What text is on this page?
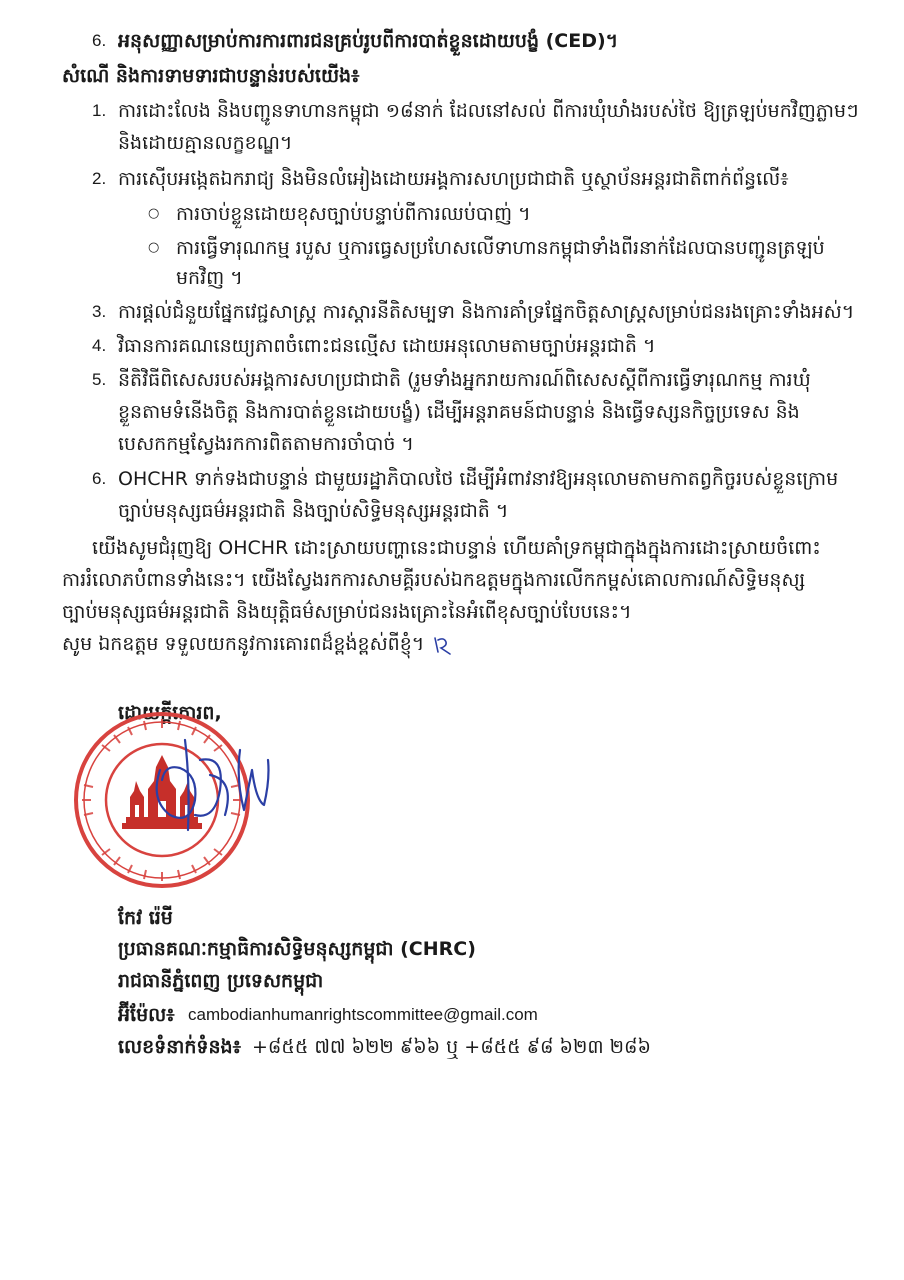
6. អនុសញ្ញាសម្រាប់ការការពារជនគ្រប់រូបពីការបាត់ខ្លួនដោយបង្ខំ (CED)។
សំណើ និងការទាមទារជាបន្ទាន់របស់យើង៖
1. ការដោះលែង និងបញ្ជូនទាហានកម្ពុជា ១៨នាក់ ដែលនៅសល់ ពីការឃុំឃាំងរបស់ថៃ ឱ្យត្រឡប់មកវិញភ្លាមៗ
និងដោយគ្មានលក្ខខណ្ឌ។
2. ការស៊ើបអង្កេតឯករាជ្យ និងមិនលំអៀងដោយអង្គការសហប្រជាជាតិ ឬស្ថាប័នអន្តរជាតិពាក់ព័ន្ធលើ៖
○ ការចាប់ខ្លួនដោយខុសច្បាប់បន្ទាប់ពីការឈប់បាញ់ ។
○ ការធ្វើទារុណកម្ម របួស ឬការធ្វេសប្រហែសលើទាហានកម្ពុជាទាំងពីរនាក់ដែលបានបញ្ជូនត្រឡប់
មកវិញ ។
3. ការផ្តល់ជំនួយផ្នែកវេជ្ជសាស្ត្រ ការស្តារនីតិសម្បទា និងការគាំទ្រផ្នែកចិត្តសាស្ត្រសម្រាប់ជនរងគ្រោះទាំងអស់។
4. វិធានការគណនេយ្យភាពចំពោះជនល្មើស ដោយអនុលោមតាមច្បាប់អន្តរជាតិ ។
5. នីតិវិធីពិសេសរបស់អង្គការសហប្រជាជាតិ (រួមទាំងអ្នករាយការណ៍ពិសេសស្តីពីការធ្វើទារុណកម្ម ការឃុំ
ខ្លួនតាមទំនើងចិត្ត និងការបាត់ខ្លួនដោយបង្ខំ) ដើម្បីអន្តរាគមន៍ជាបន្ទាន់ និងធ្វើទស្សនកិច្ចប្រទេស និង
បេសកកម្មស្វែងរកការពិតតាមការចាំបាច់ ។
6. OHCHR ទាក់ទងជាបន្ទាន់ ជាមួយរដ្ឋាភិបាលថៃ ដើម្បីអំពាវនាវឱ្យអនុលោមតាមកាតព្វកិច្ចរបស់ខ្លួនក្រោម
ច្បាប់មនុស្សធម៌អន្តរជាតិ និងច្បាប់សិទ្ធិមនុស្សអន្តរជាតិ ។
យើងសូមជំរុញឱ្យ OHCHR ដោះស្រាយបញ្ហានេះជាបន្ទាន់ ហើយគាំទ្រកម្ពុជាក្នុងក្នុងការដោះស្រាយចំពោះ
ការរំលោភបំពានទាំងនេះ។ យើងស្វែងរកការសាមគ្គីរបស់ឯកឧត្តមក្នុងការលើកកម្ពស់គោលការណ៍សិទ្ធិមនុស្ស
ច្បាប់មនុស្សធម៌អន្តរជាតិ និងយុត្តិធម៌សម្រាប់ជនរងគ្រោះនៃអំពើខុសច្បាប់បែបនេះ។
សូម ឯកឧត្តម ទទួលយកនូវការគោរពដ៏ខ្ពង់ខ្ពស់ពីខ្ញុំ។
ដោយក្តីគោរព,
កែវ រ៉េមី
ប្រធានគណៈកម្មាធិការសិទ្ធិមនុស្សកម្ពុជា (CHRC)
រាជធានីភ្នំពេញ ប្រទេសកម្ពុជា
អ៊ីម៉ែល៖ cambodianhumanrightscommittee@gmail.com
លេខទំនាក់ទំនង៖ +៨៥៥ ៧៧ ៦២២ ៩៦៦ ឬ +៨៥៥ ៩៨ ៦២៣ ២៨៦
